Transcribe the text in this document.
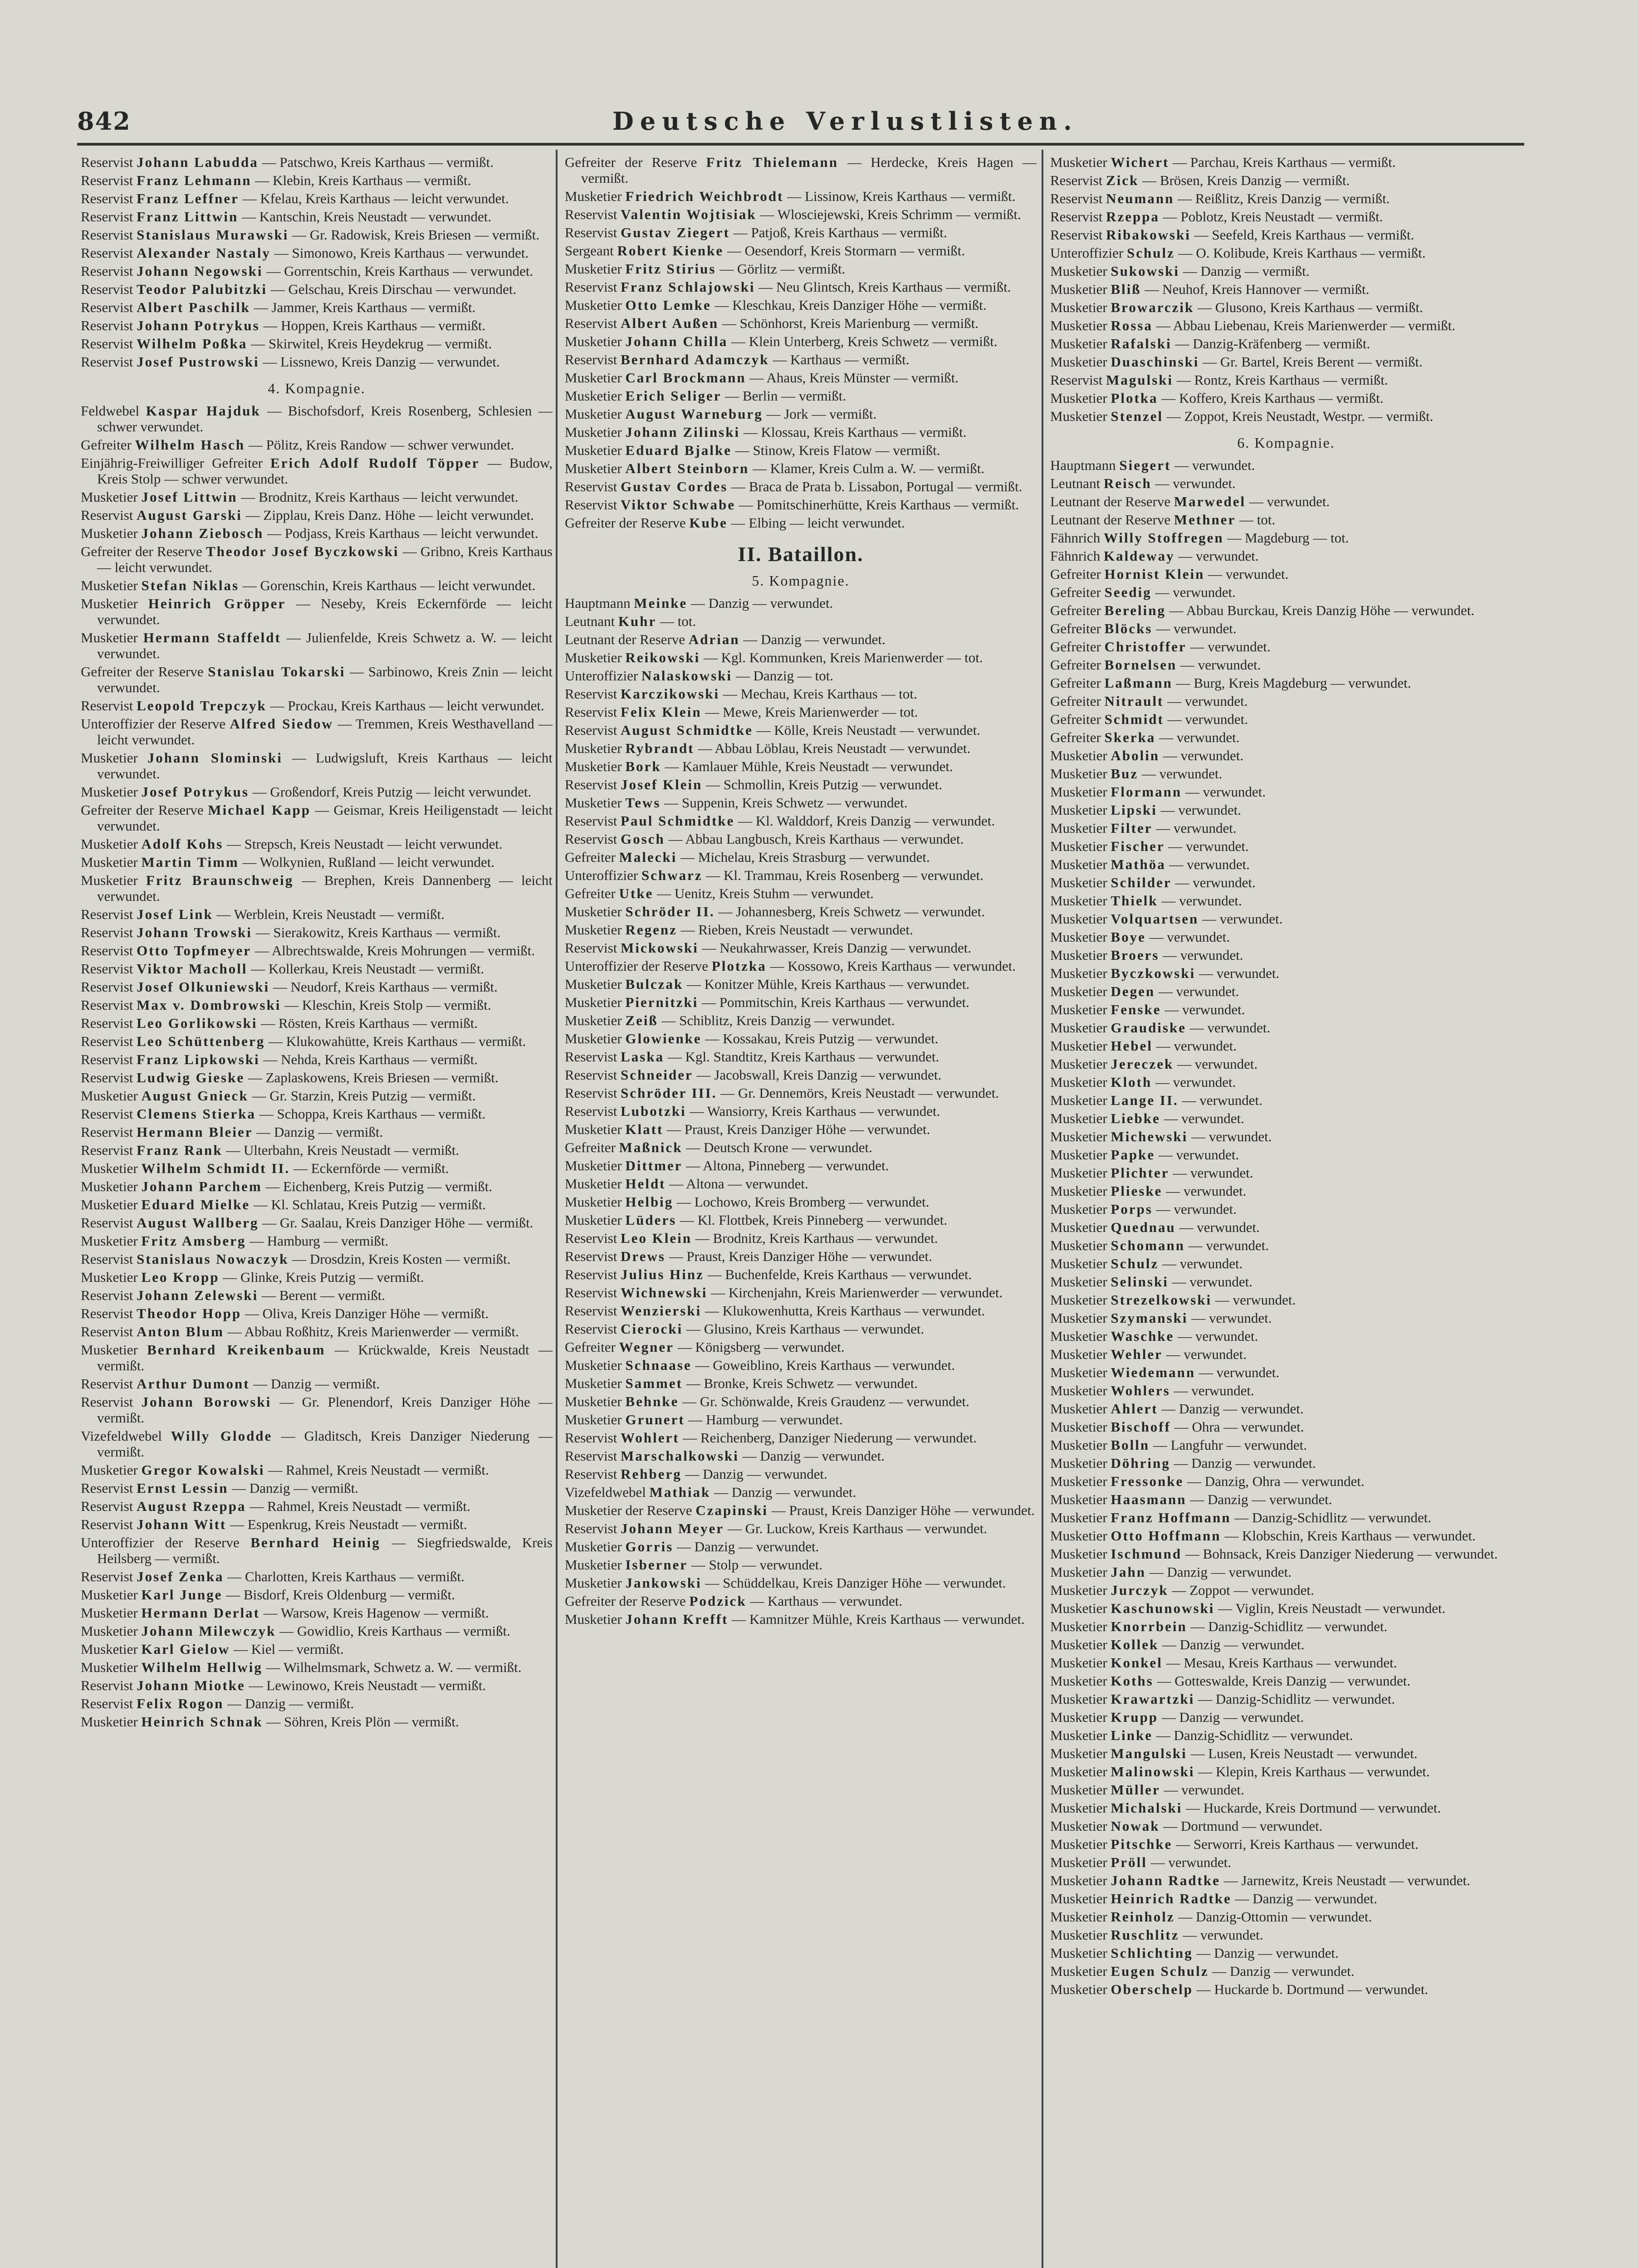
842	Deutsche Verlustlisten.
Reservist Johann Labudda — Patschwo, Kreis Karthaus — vermißt.
Reservist Franz Lehmann — Klebin, Kreis Karthaus — vermißt.
Reservist Franz Leffner — Kfelau, Kreis Karthaus — leicht verwundet.
Reservist Franz Littwin — Kantschin, Kreis Neustadt — verwundet.
Reservist Stanislaus Murawski — Gr. Radowisk, Kreis Briesen — vermißt.
Reservist Alexander Nastaly — Simonowo, Kreis Karthaus — verwundet.
Reservist Johann Negowski — Gorrentschin, Kreis Karthaus — verwundet.
Reservist Teodor Palubitzki — Gelschau, Kreis Dirschau — verwundet.
Reservist Albert Paschilk — Jammer, Kreis Karthaus — vermißt.
Reservist Johann Potrykus — Hoppen, Kreis Karthaus — vermißt.
Reservist Wilhelm Poßka — Skirwitel, Kreis Heydekrug — vermißt.
Reservist Josef Pustrowski — Lissnewo, Kreis Danzig — verwundet.
4. Kompagnie.
Feldwebel Kaspar Hajduk — Bischofsdorf, Kreis Rosenberg, Schlesien — schwer verwundet.
Gefreiter Wilhelm Hasch — Pölitz, Kreis Randow — schwer verwundet.
Einjährig-Freiwilliger Gefreiter Erich Adolf Rudolf Töpper — Budow, Kreis Stolp — schwer verwundet.
Musketier Josef Littwin — Brodnitz, Kreis Karthaus — leicht verwundet.
Reservist August Garski — Zipplau, Kreis Danz. Höhe — leicht verwundet.
Musketier Johann Ziebosch — Podjass, Kreis Karthaus — leicht verwundet.
Gefreiter der Reserve Theodor Josef Byczkowski — Gribno, Kreis Karthaus — leicht verwundet.
Musketier Stefan Niklas — Gorenschin, Kreis Karthaus — leicht verwundet.
Musketier Heinrich Gröpper — Neseby, Kreis Eckernförde — leicht verwundet.
Musketier Hermann Staffeldt — Julienfelde, Kreis Schwetz a. W. — leicht verwundet.
Gefreiter der Reserve Stanislau Tokarski — Sarbinowo, Kreis Znin — leicht verwundet.
Reservist Leopold Trepczyk — Prockau, Kreis Karthaus — leicht verwundet.
Unteroffizier der Reserve Alfred Siedow — Tremmen, Kreis Westhavelland — leicht verwundet.
Musketier Johann Slominski — Ludwigsluft, Kreis Karthaus — leicht verwundet.
Musketier Josef Potrykus — Großendorf, Kreis Putzig — leicht verwundet.
Gefreiter der Reserve Michael Kapp — Geismar, Kreis Heiligenstadt — leicht verwundet.
Musketier Adolf Kohs — Strepsch, Kreis Neustadt — leicht verwundet.
Musketier Martin Timm — Wolkynien, Rußland — leicht verwundet.
Musketier Fritz Braunschweig — Brephen, Kreis Dannenberg — leicht verwundet.
Reservist Josef Link — Werblein, Kreis Neustadt — vermißt.
Reservist Johann Trowski — Sierakowitz, Kreis Karthaus — vermißt.
Reservist Otto Topfmeyer — Albrechtswalde, Kreis Mohrungen — vermißt.
Reservist Viktor Macholl — Kollerkau, Kreis Neustadt — vermißt.
Reservist Josef Olkuniewski — Neudorf, Kreis Karthaus — vermißt.
Reservist Max v. Dombrowski — Kleschin, Kreis Stolp — vermißt.
Reservist Leo Gorlikowski — Rösten, Kreis Karthaus — vermißt.
Reservist Leo Schüttenberg — Klukowahütte, Kreis Karthaus — vermißt.
Reservist Franz Lipkowski — Nehda, Kreis Karthaus — vermißt.
Reservist Ludwig Gieske — Zaplaskowens, Kreis Briesen — vermißt.
Musketier August Gnieck — Gr. Starzin, Kreis Putzig — vermißt.
Reservist Clemens Stierka — Schoppa, Kreis Karthaus — vermißt.
Reservist Hermann Bleier — Danzig — vermißt.
Reservist Franz Rank — Ulterbahn, Kreis Neustadt — vermißt.
Musketier Wilhelm Schmidt II. — Eckernförde — vermißt.
Musketier Johann Parchem — Eichenberg, Kreis Putzig — vermißt.
Musketier Eduard Mielke — Kl. Schlatau, Kreis Putzig — vermißt.
Reservist August Wallberg — Gr. Saalau, Kreis Danziger Höhe — vermißt.
Musketier Fritz Amsberg — Hamburg — vermißt.
Reservist Stanislaus Nowaczyk — Drosdzin, Kreis Kosten — vermißt.
Musketier Leo Kropp — Glinke, Kreis Putzig — vermißt.
Reservist Johann Zelewski — Berent — vermißt.
Reservist Theodor Hopp — Oliva, Kreis Danziger Höhe — vermißt.
Reservist Anton Blum — Abbau Roßhitz, Kreis Marienwerder — vermißt.
Musketier Bernhard Kreikenbaum — Krückwalde, Kreis Neustadt — vermißt.
Reservist Arthur Dumont — Danzig — vermißt.
Reservist Johann Borowski — Gr. Plenendorf, Kreis Danziger Höhe — vermißt.
Vizefeldwebel Willy Glodde — Gladitsch, Kreis Danziger Niederung — vermißt.
Musketier Gregor Kowalski — Rahmel, Kreis Neustadt — vermißt.
Reservist Ernst Lessin — Danzig — vermißt.
Reservist August Rzeppa — Rahmel, Kreis Neustadt — vermißt.
Reservist Johann Witt — Espenkrug, Kreis Neustadt — vermißt.
Unteroffizier der Reserve Bernhard Heinig — Siegfriedswalde, Kreis Heilsberg — vermißt.
Reservist Josef Zenka — Charlotten, Kreis Karthaus — vermißt.
Musketier Karl Junge — Bisdorf, Kreis Oldenburg — vermißt.
Musketier Hermann Derlat — Warsow, Kreis Hagenow — vermißt.
Musketier Johann Milewczyk — Gowidlio, Kreis Karthaus — vermißt.
Musketier Karl Gielow — Kiel — vermißt.
Musketier Wilhelm Hellwig — Wilhelmsmark, Schwetz a. W. — vermißt.
Reservist Johann Miotke — Lewinowo, Kreis Neustadt — vermißt.
Reservist Felix Rogon — Danzig — vermißt.
Musketier Heinrich Schnak — Söhren, Kreis Plön — vermißt.
Gefreiter der Reserve Fritz Thielemann — Herdecke, Kreis Hagen — vermißt.
Musketier Friedrich Weichbrodt — Lissinow, Kreis Karthaus — vermißt.
Reservist Valentin Wojtisiak — Wlosciejewski, Kreis Schrimm — vermißt.
Reservist Gustav Ziegert — Patjoß, Kreis Karthaus — vermißt.
Sergeant Robert Kienke — Oesendorf, Kreis Stormarn — vermißt.
Musketier Fritz Stirius — Görlitz — vermißt.
Reservist Franz Schlajowski — Neu Glintsch, Kreis Karthaus — vermißt.
Musketier Otto Lemke — Kleschkau, Kreis Danziger Höhe — vermißt.
Reservist Albert Außen — Schönhorst, Kreis Marienburg — vermißt.
Musketier Johann Chilla — Klein Unterberg, Kreis Schwetz — vermißt.
Reservist Bernhard Adamczyk — Karthaus — vermißt.
Musketier Carl Brockmann — Ahaus, Kreis Münster — vermißt.
Musketier Erich Seliger — Berlin — vermißt.
Musketier August Warneburg — Jork — vermißt.
Musketier Johann Zilinski — Klossau, Kreis Karthaus — vermißt.
Musketier Eduard Bjalke — Stinow, Kreis Flatow — vermißt.
Musketier Albert Steinborn — Klamer, Kreis Culm a. W. — vermißt.
Reservist Gustav Cordes — Braca de Prata b. Lissabon, Portugal — vermißt.
Reservist Viktor Schwabe — Pomitschinerhütte, Kreis Karthaus — vermißt.
Gefreiter der Reserve Kube — Elbing — leicht verwundet.
II. Bataillon.
5. Kompagnie.
Hauptmann Meinke — Danzig — verwundet.
Leutnant Kuhr — tot.
Leutnant der Reserve Adrian — Danzig — verwundet.
Musketier Reikowski — Kgl. Kommunken, Kreis Marienwerder — tot.
Unteroffizier Nalaskowski — Danzig — tot.
Reservist Karczikowski — Mechau, Kreis Karthaus — tot.
Reservist Felix Klein — Mewe, Kreis Marienwerder — tot.
Reservist August Schmidtke — Kölle, Kreis Neustadt — verwundet.
Musketier Rybrandt — Abbau Löblau, Kreis Neustadt — verwundet.
Musketier Bork — Kamlauer Mühle, Kreis Neustadt — verwundet.
Reservist Josef Klein — Schmollin, Kreis Putzig — verwundet.
Musketier Tews — Suppenin, Kreis Schwetz — verwundet.
Reservist Paul Schmidtke — Kl. Walddorf, Kreis Danzig — verwundet.
Reservist Gosch — Abbau Langbusch, Kreis Karthaus — verwundet.
Gefreiter Malecki — Michelau, Kreis Strasburg — verwundet.
Unteroffizier Schwarz — Kl. Trammau, Kreis Rosenberg — verwundet.
Gefreiter Utke — Uenitz, Kreis Stuhm — verwundet.
Musketier Schröder II. — Johannesberg, Kreis Schwetz — verwundet.
Musketier Regenz — Rieben, Kreis Neustadt — verwundet.
Reservist Mickowski — Neukahrwasser, Kreis Danzig — verwundet.
Unteroffizier der Reserve Plotzka — Kossowo, Kreis Karthaus — verwundet.
Musketier Bulczak — Konitzer Mühle, Kreis Karthaus — verwundet.
Musketier Piernitzki — Pommitschin, Kreis Karthaus — verwundet.
Musketier Zeiß — Schiblitz, Kreis Danzig — verwundet.
Musketier Glowienke — Kossakau, Kreis Putzig — verwundet.
Reservist Laska — Kgl. Standtitz, Kreis Karthaus — verwundet.
Reservist Schneider — Jacobswall, Kreis Danzig — verwundet.
Reservist Schröder III. — Gr. Dennemörs, Kreis Neustadt — verwundet.
Reservist Lubotzki — Wansiorry, Kreis Karthaus — verwundet.
Musketier Klatt — Praust, Kreis Danziger Höhe — verwundet.
Gefreiter Maßnick — Deutsch Krone — verwundet.
Musketier Dittmer — Altona, Pinneberg — verwundet.
Musketier Heldt — Altona — verwundet.
Musketier Helbig — Lochowo, Kreis Bromberg — verwundet.
Musketier Lüders — Kl. Flottbek, Kreis Pinneberg — verwundet.
Reservist Leo Klein — Brodnitz, Kreis Karthaus — verwundet.
Reservist Drews — Praust, Kreis Danziger Höhe — verwundet.
Reservist Julius Hinz — Buchenfelde, Kreis Karthaus — verwundet.
Reservist Wichnewski — Kirchenjahn, Kreis Marienwerder — verwundet.
Reservist Wenzierski — Klukowenhutta, Kreis Karthaus — verwundet.
Reservist Cierocki — Glusino, Kreis Karthaus — verwundet.
Gefreiter Wegner — Königsberg — verwundet.
Musketier Schnaase — Goweiblino, Kreis Karthaus — verwundet.
Musketier Sammet — Bronke, Kreis Schwetz — verwundet.
Musketier Behnke — Gr. Schönwalde, Kreis Graudenz — verwundet.
Musketier Grunert — Hamburg — verwundet.
Reservist Wohlert — Reichenberg, Danziger Niederung — verwundet.
Reservist Marschalkowski — Danzig — verwundet.
Reservist Rehberg — Danzig — verwundet.
Vizefeldwebel Mathiak — Danzig — verwundet.
Musketier der Reserve Czapinski — Praust, Kreis Danziger Höhe — verwundet.
Reservist Johann Meyer — Gr. Luckow, Kreis Karthaus — verwundet.
Musketier Gorris — Danzig — verwundet.
Musketier Isberner — Stolp — verwundet.
Musketier Jankowski — Schüddelkau, Kreis Danziger Höhe — verwundet.
Gefreiter der Reserve Podzick — Karthaus — verwundet.
Musketier Johann Krefft — Kamnitzer Mühle, Kreis Karthaus — verwundet.
Musketier Wichert — Parchau, Kreis Karthaus — vermißt.
Reservist Zick — Brösen, Kreis Danzig — vermißt.
Reservist Neumann — Reißlitz, Kreis Danzig — vermißt.
Reservist Rzeppa — Poblotz, Kreis Neustadt — vermißt.
Reservist Ribakowski — Seefeld, Kreis Karthaus — vermißt.
Unteroffizier Schulz — O. Kolibude, Kreis Karthaus — vermißt.
Musketier Sukowski — Danzig — vermißt.
Musketier Bliß — Neuhof, Kreis Hannover — vermißt.
Musketier Browarczik — Glusono, Kreis Karthaus — vermißt.
Musketier Rossa — Abbau Liebenau, Kreis Marienwerder — vermißt.
Musketier Rafalski — Danzig-Kräfenberg — vermißt.
Musketier Duaschinski — Gr. Bartel, Kreis Berent — vermißt.
Reservist Magulski — Rontz, Kreis Karthaus — vermißt.
Musketier Plotka — Koffero, Kreis Karthaus — vermißt.
Musketier Stenzel — Zoppot, Kreis Neustadt, Westpr. — vermißt.
6. Kompagnie.
Hauptmann Siegert — verwundet.
Leutnant Reisch — verwundet.
Leutnant der Reserve Marwedel — verwundet.
Leutnant der Reserve Methner — tot.
Fähnrich Willy Stoffregen — Magdeburg — tot.
Fähnrich Kaldeway — verwundet.
Gefreiter Hornist Klein — verwundet.
Gefreiter Seedig — verwundet.
Gefreiter Bereling — Abbau Burckau, Kreis Danzig Höhe — verwundet.
Gefreiter Blöcks — verwundet.
Gefreiter Christoffer — verwundet.
Gefreiter Bornelsen — verwundet.
Gefreiter Laßmann — Burg, Kreis Magdeburg — verwundet.
Gefreiter Nitrault — verwundet.
Gefreiter Schmidt — verwundet.
Gefreiter Skerka — verwundet.
Musketier Abolin — verwundet.
Musketier Buz — verwundet.
Musketier Flormann — verwundet.
Musketier Lipski — verwundet.
Musketier Filter — verwundet.
Musketier Fischer — verwundet.
Musketier Mathöa — verwundet.
Musketier Schilder — verwundet.
Musketier Thielk — verwundet.
Musketier Volquartsen — verwundet.
Musketier Boye — verwundet.
Musketier Broers — verwundet.
Musketier Byczkowski — verwundet.
Musketier Degen — verwundet.
Musketier Fenske — verwundet.
Musketier Graudiske — verwundet.
Musketier Hebel — verwundet.
Musketier Jereczek — verwundet.
Musketier Kloth — verwundet.
Musketier Lange II. — verwundet.
Musketier Liebke — verwundet.
Musketier Michewski — verwundet.
Musketier Papke — verwundet.
Musketier Plichter — verwundet.
Musketier Plieske — verwundet.
Musketier Porps — verwundet.
Musketier Quednau — verwundet.
Musketier Schomann — verwundet.
Musketier Schulz — verwundet.
Musketier Selinski — verwundet.
Musketier Strezelkowski — verwundet.
Musketier Szymanski — verwundet.
Musketier Waschke — verwundet.
Musketier Wehler — verwundet.
Musketier Wiedemann — verwundet.
Musketier Wohlers — verwundet.
Musketier Ahlert — Danzig — verwundet.
Musketier Bischoff — Ohra — verwundet.
Musketier Bolln — Langfuhr — verwundet.
Musketier Döhring — Danzig — verwundet.
Musketier Fressonke — Danzig, Ohra — verwundet.
Musketier Haasmann — Danzig — verwundet.
Musketier Franz Hoffmann — Danzig-Schidlitz — verwundet.
Musketier Otto Hoffmann — Klobschin, Kreis Karthaus — verwundet.
Musketier Ischmund — Bohnsack, Kreis Danziger Niederung — verwundet.
Musketier Jahn — Danzig — verwundet.
Musketier Jurczyk — Zoppot — verwundet.
Musketier Kaschunowski — Viglin, Kreis Neustadt — verwundet.
Musketier Knorrbein — Danzig-Schidlitz — verwundet.
Musketier Kollek — Danzig — verwundet.
Musketier Konkel — Mesau, Kreis Karthaus — verwundet.
Musketier Koths — Gotteswalde, Kreis Danzig — verwundet.
Musketier Krawartzki — Danzig-Schidlitz — verwundet.
Musketier Krupp — Danzig — verwundet.
Musketier Linke — Danzig-Schidlitz — verwundet.
Musketier Mangulski — Lusen, Kreis Neustadt — verwundet.
Musketier Malinowski — Klepin, Kreis Karthaus — verwundet.
Musketier Müller — verwundet.
Musketier Michalski — Huckarde, Kreis Dortmund — verwundet.
Musketier Nowak — Dortmund — verwundet.
Musketier Pitschke — Serworri, Kreis Karthaus — verwundet.
Musketier Pröll — verwundet.
Musketier Johann Radtke — Jarnewitz, Kreis Neustadt — verwundet.
Musketier Heinrich Radtke — Danzig — verwundet.
Musketier Reinholz — Danzig-Ottomin — verwundet.
Musketier Ruschlitz — verwundet.
Musketier Schlichting — Danzig — verwundet.
Musketier Eugen Schulz — Danzig — verwundet.
Musketier Oberschelp — Huckarde b. Dortmund — verwundet.
